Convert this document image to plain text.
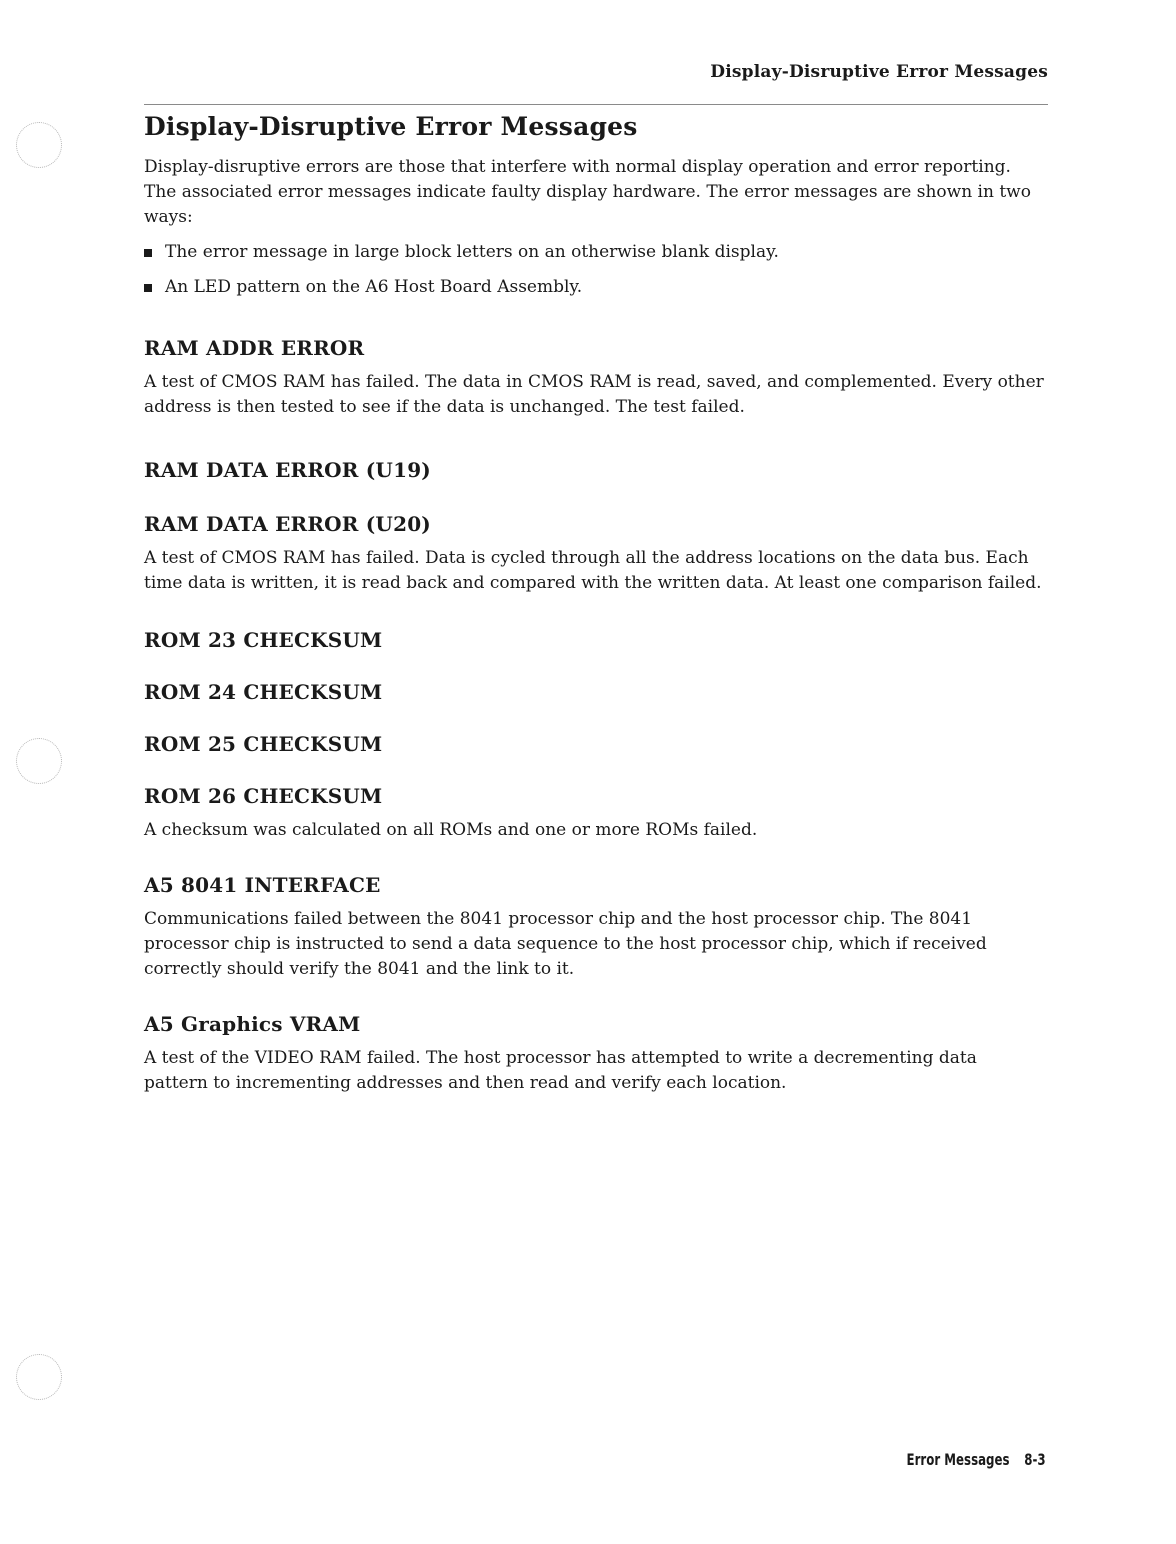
Display-Disruptive Error Messages
Display-Disruptive Error Messages

Display-disruptive errors are those that interfere with normal display operation and error reporting. The associated error messages indicate faulty display hardware. The error messages are shown in two ways:

The error message in large block letters on an otherwise blank display.
An LED pattern on the A6 Host Board Assembly.
RAM ADDR ERROR

A test of CMOS RAM has failed. The data in CMOS RAM is read, saved, and complemented. Every other address is then tested to see if the data is unchanged. The test failed.

RAM DATA ERROR (U19)
RAM DATA ERROR (U20)

A test of CMOS RAM has failed. Data is cycled through all the address locations on the data bus. Each time data is written, it is read back and compared with the written data. At least one comparison failed.

ROM 23 CHECKSUM
ROM 24 CHECKSUM
ROM 25 CHECKSUM
ROM 26 CHECKSUM

A checksum was calculated on all ROMs and one or more ROMs failed.

A5 8041 INTERFACE

Communications failed between the 8041 processor chip and the host processor chip. The 8041 processor chip is instructed to send a data sequence to the host processor chip, which if received correctly should verify the 8041 and the link to it.

A5 Graphics VRAM

A test of the VIDEO RAM failed. The host processor has attempted to write a decrementing data pattern to incrementing addresses and then read and verify each location.

Error Messages 8-3
